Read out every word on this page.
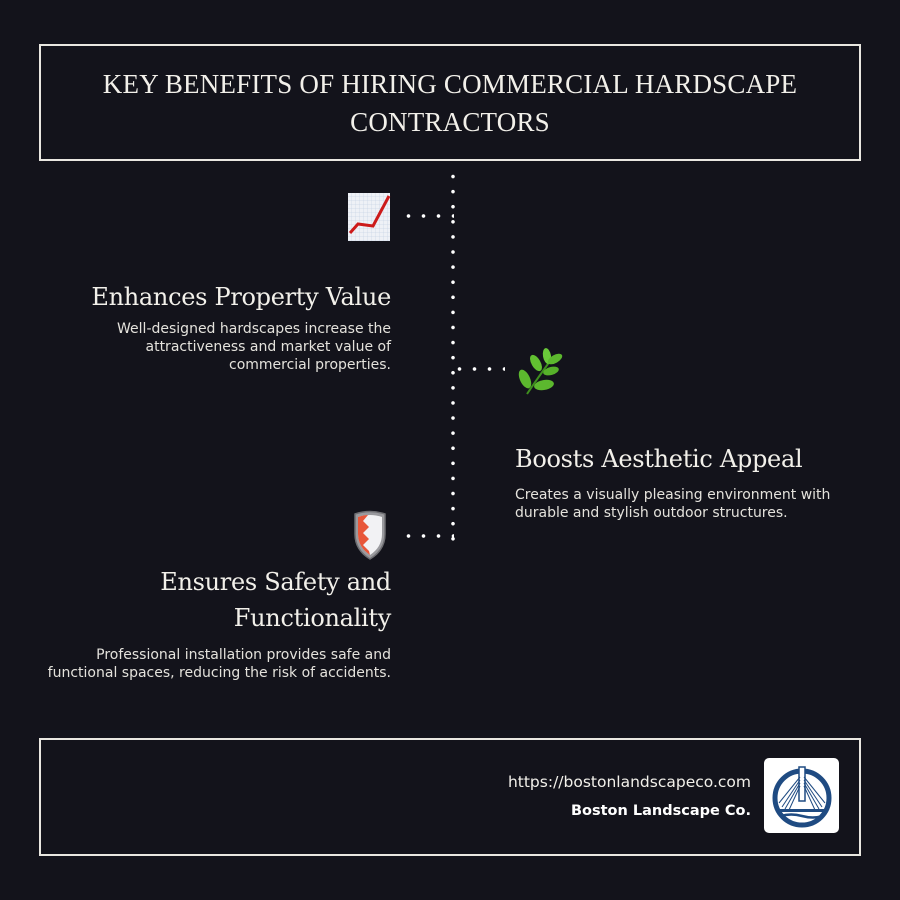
KEY BENEFITS OF HIRING COMMERCIAL HARDSCAPE CONTRACTORS
Enhances Property Value

Well-designed hardscapes increase the attractiveness and market value of commercial properties.

Boosts Aesthetic Appeal

Creates a visually pleasing environment with durable and stylish outdoor structures.

Ensures Safety and Functionality

Professional installation provides safe and functional spaces, reducing the risk of accidents.

https://bostonlandscapeco.com
Boston Landscape Co.
